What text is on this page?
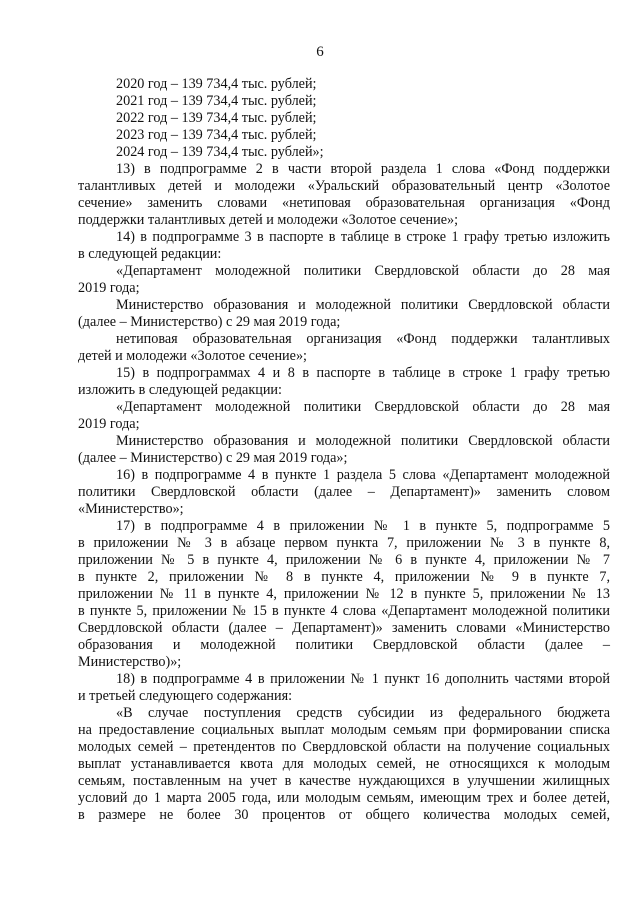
6
2020 год – 139 734,4 тыс. рублей;
2021 год – 139 734,4 тыс. рублей;
2022 год – 139 734,4 тыс. рублей;
2023 год – 139 734,4 тыс. рублей;
2024 год – 139 734,4 тыс. рублей»;
13) в подпрограмме 2 в части второй раздела 1 слова «Фонд поддержки
талантливых детей и молодежи «Уральский образовательный центр «Золотое
сечение» заменить словами «нетиповая образовательная организация «Фонд
поддержки талантливых детей и молодежи «Золотое сечение»;
14) в подпрограмме 3 в паспорте в таблице в строке 1 графу третью изложить
в следующей редакции:
«Департамент молодежной политики Свердловской области до 28 мая
2019 года;
Министерство образования и молодежной политики Свердловской области
(далее – Министерство) с 29 мая 2019 года;
нетиповая образовательная организация «Фонд поддержки талантливых
детей и молодежи «Золотое сечение»;
15) в подпрограммах 4 и 8 в паспорте в таблице в строке 1 графу третью
изложить в следующей редакции:
«Департамент молодежной политики Свердловской области до 28 мая
2019 года;
Министерство образования и молодежной политики Свердловской области
(далее – Министерство) с 29 мая 2019 года»;
16) в подпрограмме 4 в пункте 1 раздела 5 слова «Департамент молодежной
политики Свердловской области (далее – Департамент)» заменить словом
«Министерство»;
17) в подпрограмме 4 в приложении № 1 в пункте 5, подпрограмме 5
в приложении № 3 в абзаце первом пункта 7, приложении № 3 в пункте 8,
приложении № 5 в пункте 4, приложении № 6 в пункте 4, приложении № 7
в пункте 2, приложении № 8 в пункте 4, приложении № 9 в пункте 7,
приложении № 11 в пункте 4, приложении № 12 в пункте 5, приложении № 13
в пункте 5, приложении № 15 в пункте 4 слова «Департамент молодежной политики
Свердловской области (далее – Департамент)» заменить словами «Министерство
образования и молодежной политики Свердловской области (далее –
Министерство)»;
18) в подпрограмме 4 в приложении № 1 пункт 16 дополнить частями второй
и третьей следующего содержания:
«В случае поступления средств субсидии из федерального бюджета
на предоставление социальных выплат молодым семьям при формировании списка
молодых семей – претендентов по Свердловской области на получение социальных
выплат устанавливается квота для молодых семей, не относящихся к молодым
семьям, поставленным на учет в качестве нуждающихся в улучшении жилищных
условий до 1 марта 2005 года, или молодым семьям, имеющим трех и более детей,
в размере не более 30 процентов от общего количества молодых семей,
